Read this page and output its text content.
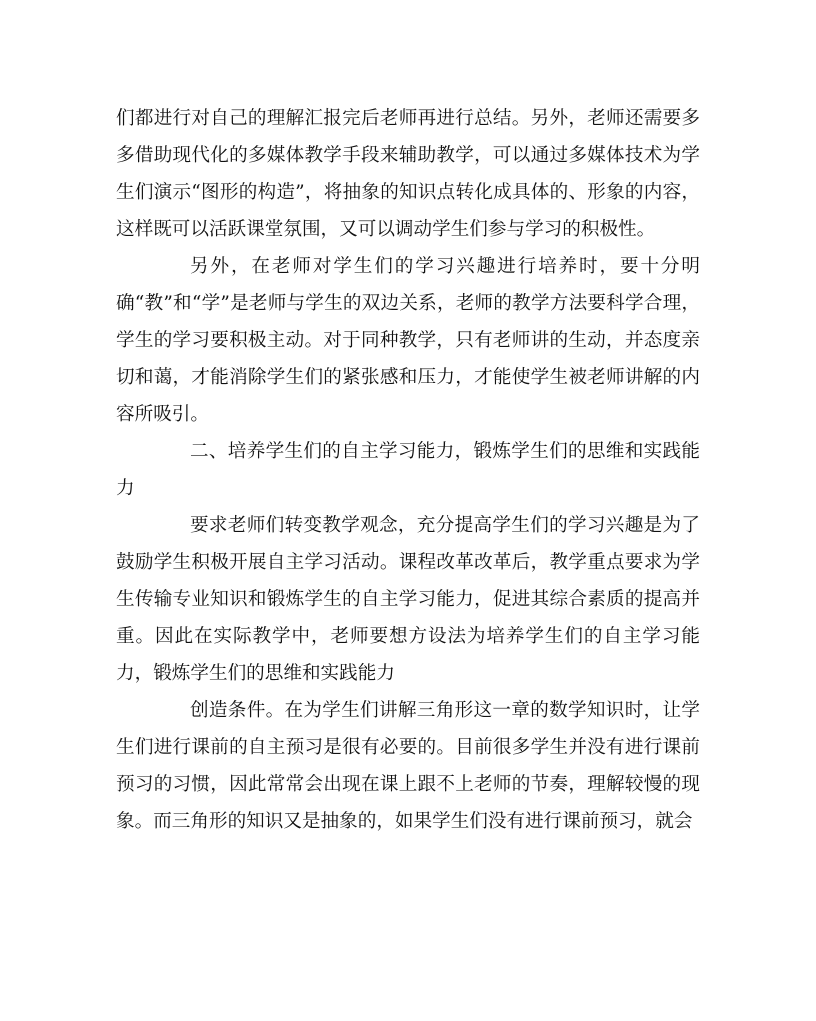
们都进行对自己的理解汇报完后老师再进行总结。另外，老师还需要多多借助现代化的多媒体教学手段来辅助教学，可以通过多媒体技术为学生们演示“图形的构造”，将抽象的知识点转化成具体的、形象的内容，这样既可以活跃课堂氛围，又可以调动学生们参与学习的积极性。

另外，在老师对学生们的学习兴趣进行培养时，要十分明确“教”和“学”是老师与学生的双边关系，老师的教学方法要科学合理，学生的学习要积极主动。对于同种教学，只有老师讲的生动，并态度亲切和蔼，才能消除学生们的紧张感和压力，才能使学生被老师讲解的内容所吸引。

二、培养学生们的自主学习能力，锻炼学生们的思维和实践能力

要求老师们转变教学观念，充分提高学生们的学习兴趣是为了鼓励学生积极开展自主学习活动。课程改革改革后，教学重点要求为学生传输专业知识和锻炼学生的自主学习能力，促进其综合素质的提高并重。因此在实际教学中，老师要想方设法为培养学生们的自主学习能力，锻炼学生们的思维和实践能力

创造条件。在为学生们讲解三角形这一章的数学知识时，让学生们进行课前的自主预习是很有必要的。目前很多学生并没有进行课前预习的习惯，因此常常会出现在课上跟不上老师的节奏，理解较慢的现象。而三角形的知识又是抽象的，如果学生们没有进行课前预习，就会
